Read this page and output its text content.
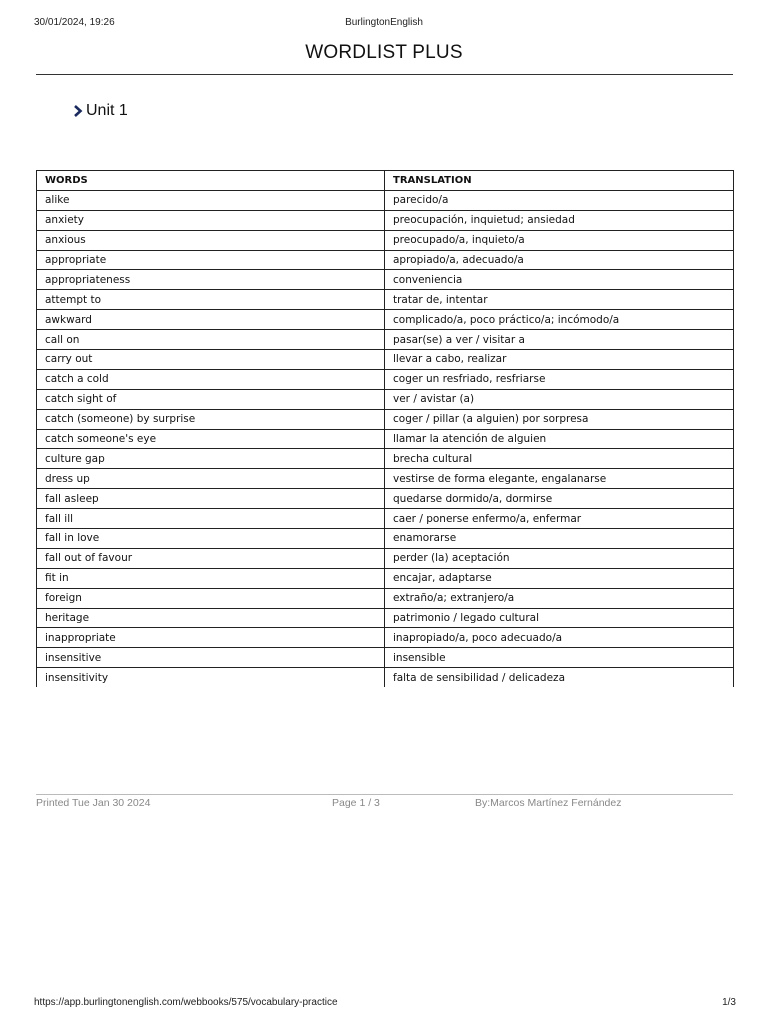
30/01/2024, 19:26	BurlingtonEnglish
WORDLIST PLUS
Unit 1
WORDS	TRANSLATION
alike	parecido/a
anxiety	preocupación, inquietud; ansiedad
anxious	preocupado/a, inquieto/a
appropriate	apropiado/a, adecuado/a
appropriateness	conveniencia
attempt to	tratar de, intentar
awkward	complicado/a, poco práctico/a; incómodo/a
call on	pasar(se) a ver / visitar a
carry out	llevar a cabo, realizar
catch a cold	coger un resfriado, resfriarse
catch sight of	ver / avistar (a)
catch (someone) by surprise	coger / pillar (a alguien) por sorpresa
catch someone's eye	llamar la atención de alguien
culture gap	brecha cultural
dress up	vestirse de forma elegante, engalanarse
fall asleep	quedarse dormido/a, dormirse
fall ill	caer / ponerse enfermo/a, enfermar
fall in love	enamorarse
fall out of favour	perder (la) aceptación
fit in	encajar, adaptarse
foreign	extraño/a; extranjero/a
heritage	patrimonio / legado cultural
inappropriate	inapropiado/a, poco adecuado/a
insensitive	insensible
insensitivity	falta de sensibilidad / delicadeza
Printed Tue Jan 30 2024	Page 1 / 3	By:Marcos Martínez Fernández
https://app.burlingtonenglish.com/webbooks/575/vocabulary-practice	1/3
